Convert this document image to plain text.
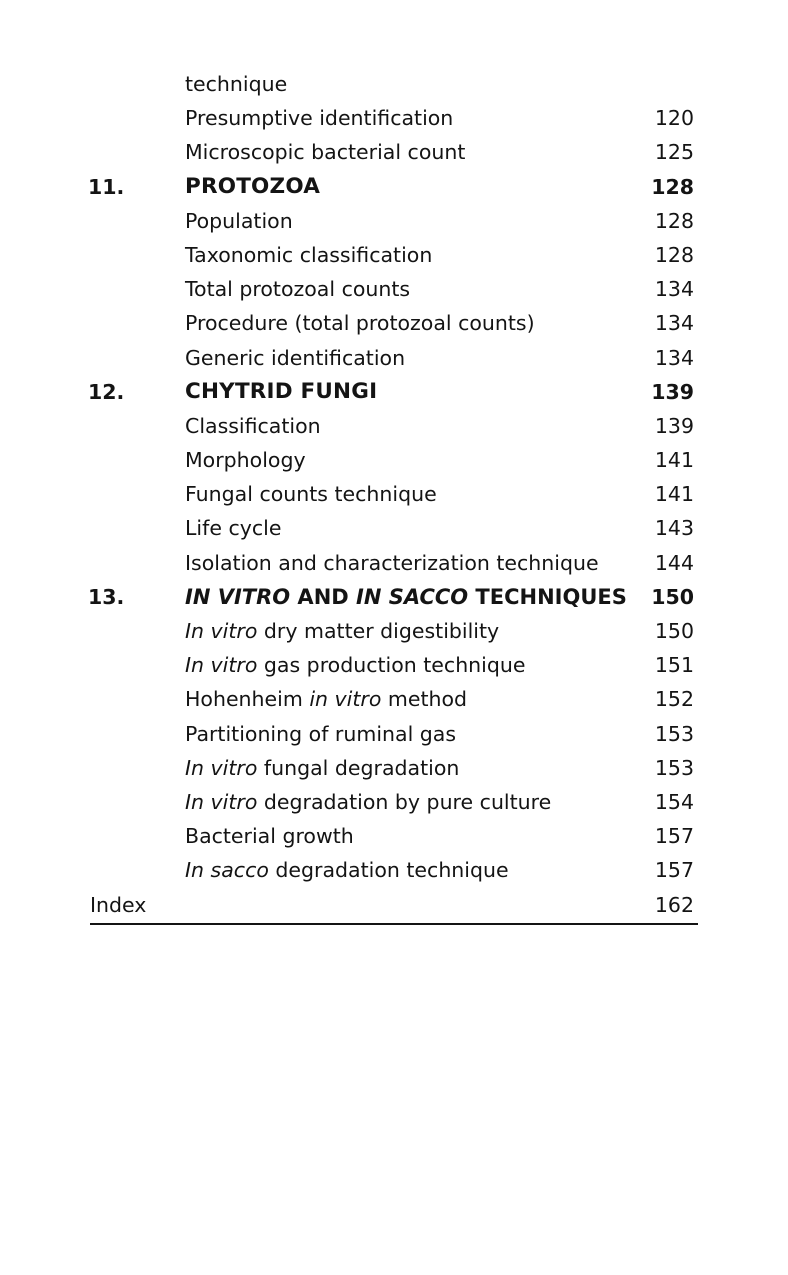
technique
Presumptive identification	120
Microscopic bacterial count	125
11.	PROTOZOA	128
Population	128
Taxonomic classification	128
Total protozoal counts	134
Procedure (total protozoal counts)	134
Generic identification	134
12.	CHYTRID FUNGI	139
Classification	139
Morphology	141
Fungal counts technique	141
Life cycle	143
Isolation and characterization technique	144
13.	IN VITRO AND IN SACCO TECHNIQUES 150
In vitro dry matter digestibility	150
In vitro gas production technique	151
Hohenheim in vitro method	152
Partitioning of ruminal gas	153
In vitro fungal degradation	153
In vitro degradation by pure culture	154
Bacterial growth	157
In sacco degradation technique	157
Index	162
